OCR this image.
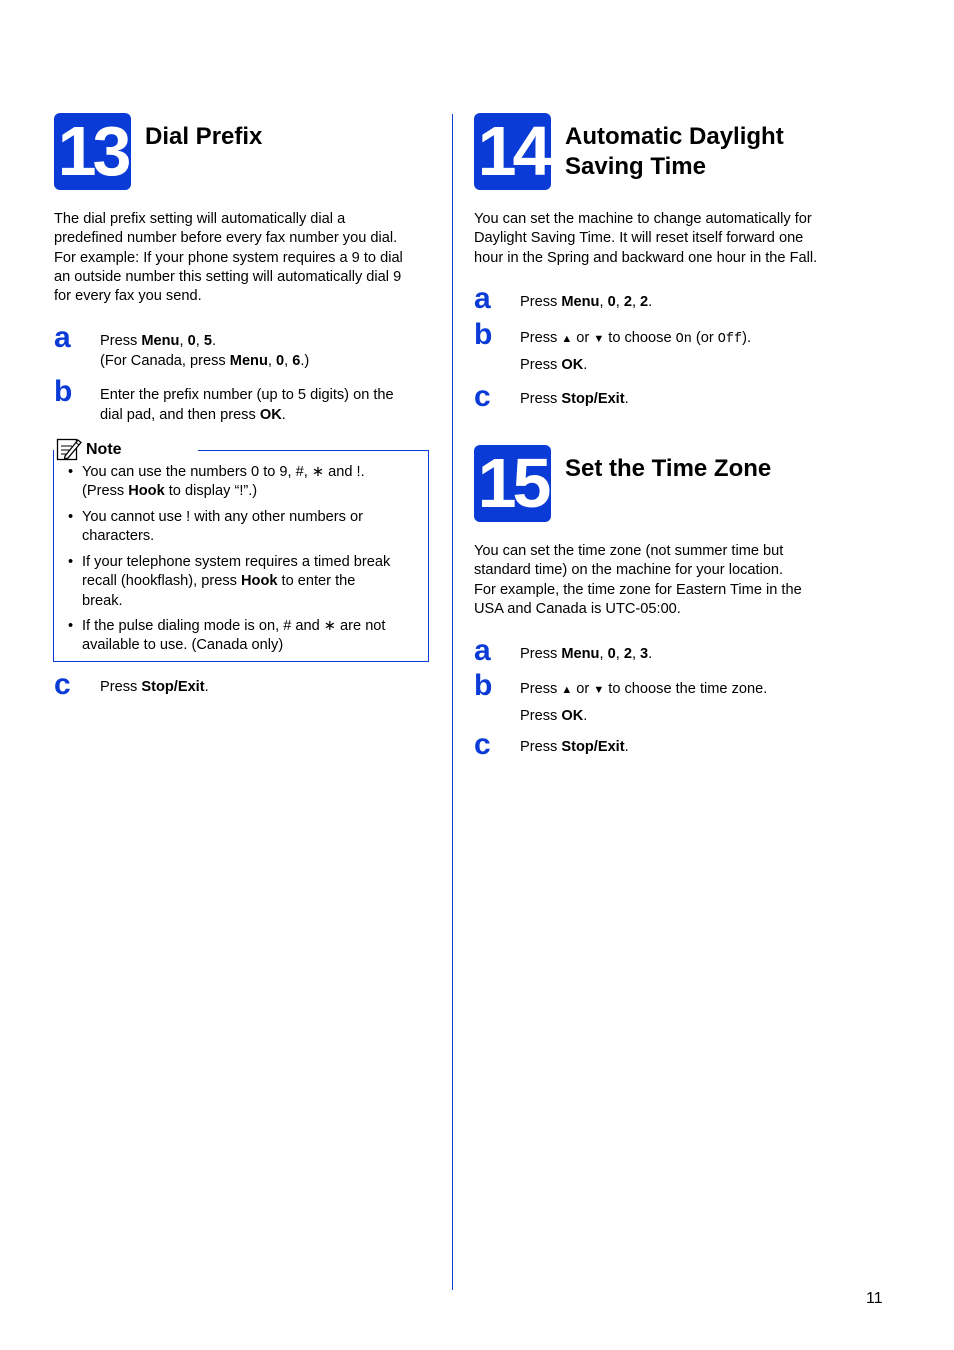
13 Dial Prefix
The dial prefix setting will automatically dial a
predefined number before every fax number you dial.
For example: If your phone system requires a 9 to dial
an outside number this setting will automatically dial 9
for every fax you send.
a Press Menu, 0, 5.
(For Canada, press Menu, 0, 6.)
b Enter the prefix number (up to 5 digits) on the
dial pad, and then press OK.
Note
• You can use the numbers 0 to 9, #, ∗ and !.
(Press Hook to display “!”.)
• You cannot use ! with any other numbers or
characters.
• If your telephone system requires a timed break
recall (hookflash), press Hook to enter the
break.
• If the pulse dialing mode is on, # and ∗ are not
available to use. (Canada only)
c Press Stop/Exit.
14 Automatic Daylight
Saving Time
You can set the machine to change automatically for
Daylight Saving Time. It will reset itself forward one
hour in the Spring and backward one hour in the Fall.
a Press Menu, 0, 2, 2.
b Press ▲ or ▼ to choose On (or Off).
Press OK.
c Press Stop/Exit.
15 Set the Time Zone
You can set the time zone (not summer time but
standard time) on the machine for your location.
For example, the time zone for Eastern Time in the
USA and Canada is UTC-05:00.
a Press Menu, 0, 2, 3.
b Press ▲ or ▼ to choose the time zone.
Press OK.
c Press Stop/Exit.
11
